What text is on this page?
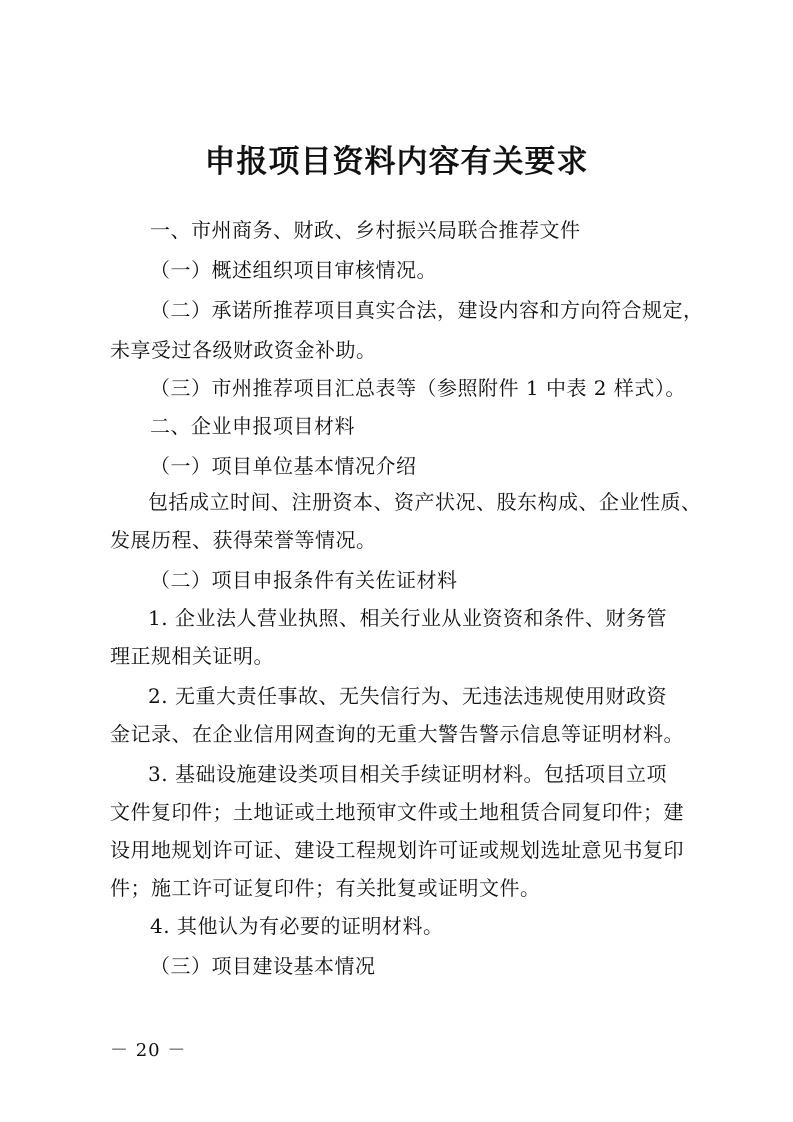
申报项目资料内容有关要求
一、市州商务、财政、乡村振兴局联合推荐文件
（一）概述组织项目审核情况。
（二）承诺所推荐项目真实合法，建设内容和方向符合规定，
未享受过各级财政资金补助。
（三）市州推荐项目汇总表等（参照附件 1 中表 2 样式）。
二、企业申报项目材料
（一）项目单位基本情况介绍
包括成立时间、注册资本、资产状况、股东构成、企业性质、
发展历程、获得荣誉等情况。
（二）项目申报条件有关佐证材料
1. 企业法人营业执照、相关行业从业资资和条件、财务管
理正规相关证明。
2. 无重大责任事故、无失信行为、无违法违规使用财政资
金记录、在企业信用网查询的无重大警告警示信息等证明材料。
3. 基础设施建设类项目相关手续证明材料。包括项目立项
文件复印件；土地证或土地预审文件或土地租赁合同复印件；建
设用地规划许可证、建设工程规划许可证或规划选址意见书复印
件；施工许可证复印件；有关批复或证明文件。
4. 其他认为有必要的证明材料。
（三）项目建设基本情况
－ 20 －
